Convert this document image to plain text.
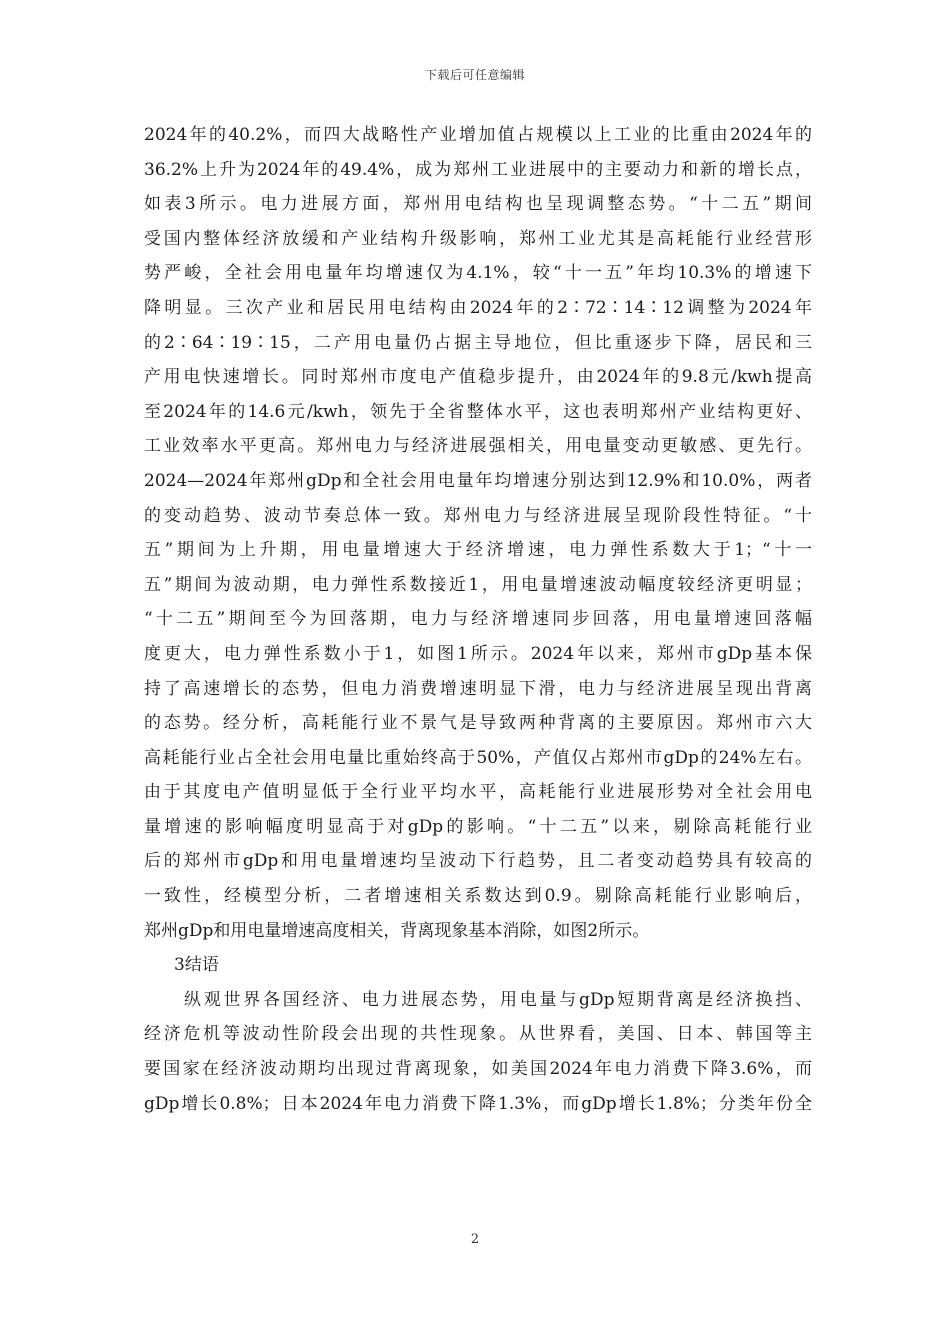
下载后可任意编辑
2024年的40.2%，而四大战略性产业增加值占规模以上工业的比重由2024年的
36.2%上升为2024年的49.4%，成为郑州工业进展中的主要动力和新的增长点，
如表3所示。电力进展方面，郑州用电结构也呈现调整态势。“十二五”期间
受国内整体经济放缓和产业结构升级影响，郑州工业尤其是高耗能行业经营形
势严峻，全社会用电量年均增速仅为4.1%，较“十一五”年均10.3%的增速下
降明显。三次产业和居民用电结构由2024年的2∶72∶14∶12调整为2024年
的2∶64∶19∶15，二产用电量仍占据主导地位，但比重逐步下降，居民和三
产用电快速增长。同时郑州市度电产值稳步提升，由2024年的9.8元/kwh提高
至2024年的14.6元/kwh，领先于全省整体水平，这也表明郑州产业结构更好、
工业效率水平更高。郑州电力与经济进展强相关，用电量变动更敏感、更先行。
2024—2024年郑州gDp和全社会用电量年均增速分别达到12.9%和10.0%，两者
的变动趋势、波动节奏总体一致。郑州电力与经济进展呈现阶段性特征。“十
五”期间为上升期，用电量增速大于经济增速，电力弹性系数大于1；“十一
五”期间为波动期，电力弹性系数接近1，用电量增速波动幅度较经济更明显；
“十二五”期间至今为回落期，电力与经济增速同步回落，用电量增速回落幅
度更大，电力弹性系数小于1，如图1所示。2024年以来，郑州市gDp基本保
持了高速增长的态势，但电力消费增速明显下滑，电力与经济进展呈现出背离
的态势。经分析，高耗能行业不景气是导致两种背离的主要原因。郑州市六大
高耗能行业占全社会用电量比重始终高于50%，产值仅占郑州市gDp的24%左右。
由于其度电产值明显低于全行业平均水平，高耗能行业进展形势对全社会用电
量增速的影响幅度明显高于对gDp的影响。“十二五”以来，剔除高耗能行业
后的郑州市gDp和用电量增速均呈波动下行趋势，且二者变动趋势具有较高的
一致性，经模型分析，二者增速相关系数达到0.9。剔除高耗能行业影响后，
郑州gDp和用电量增速高度相关，背离现象基本消除，如图2所示。
3结语
纵观世界各国经济、电力进展态势，用电量与gDp短期背离是经济换挡、
经济危机等波动性阶段会出现的共性现象。从世界看，美国、日本、韩国等主
要国家在经济波动期均出现过背离现象，如美国2024年电力消费下降3.6%，而
gDp增长0.8%；日本2024年电力消费下降1.3%，而gDp增长1.8%；分类年份全
2
